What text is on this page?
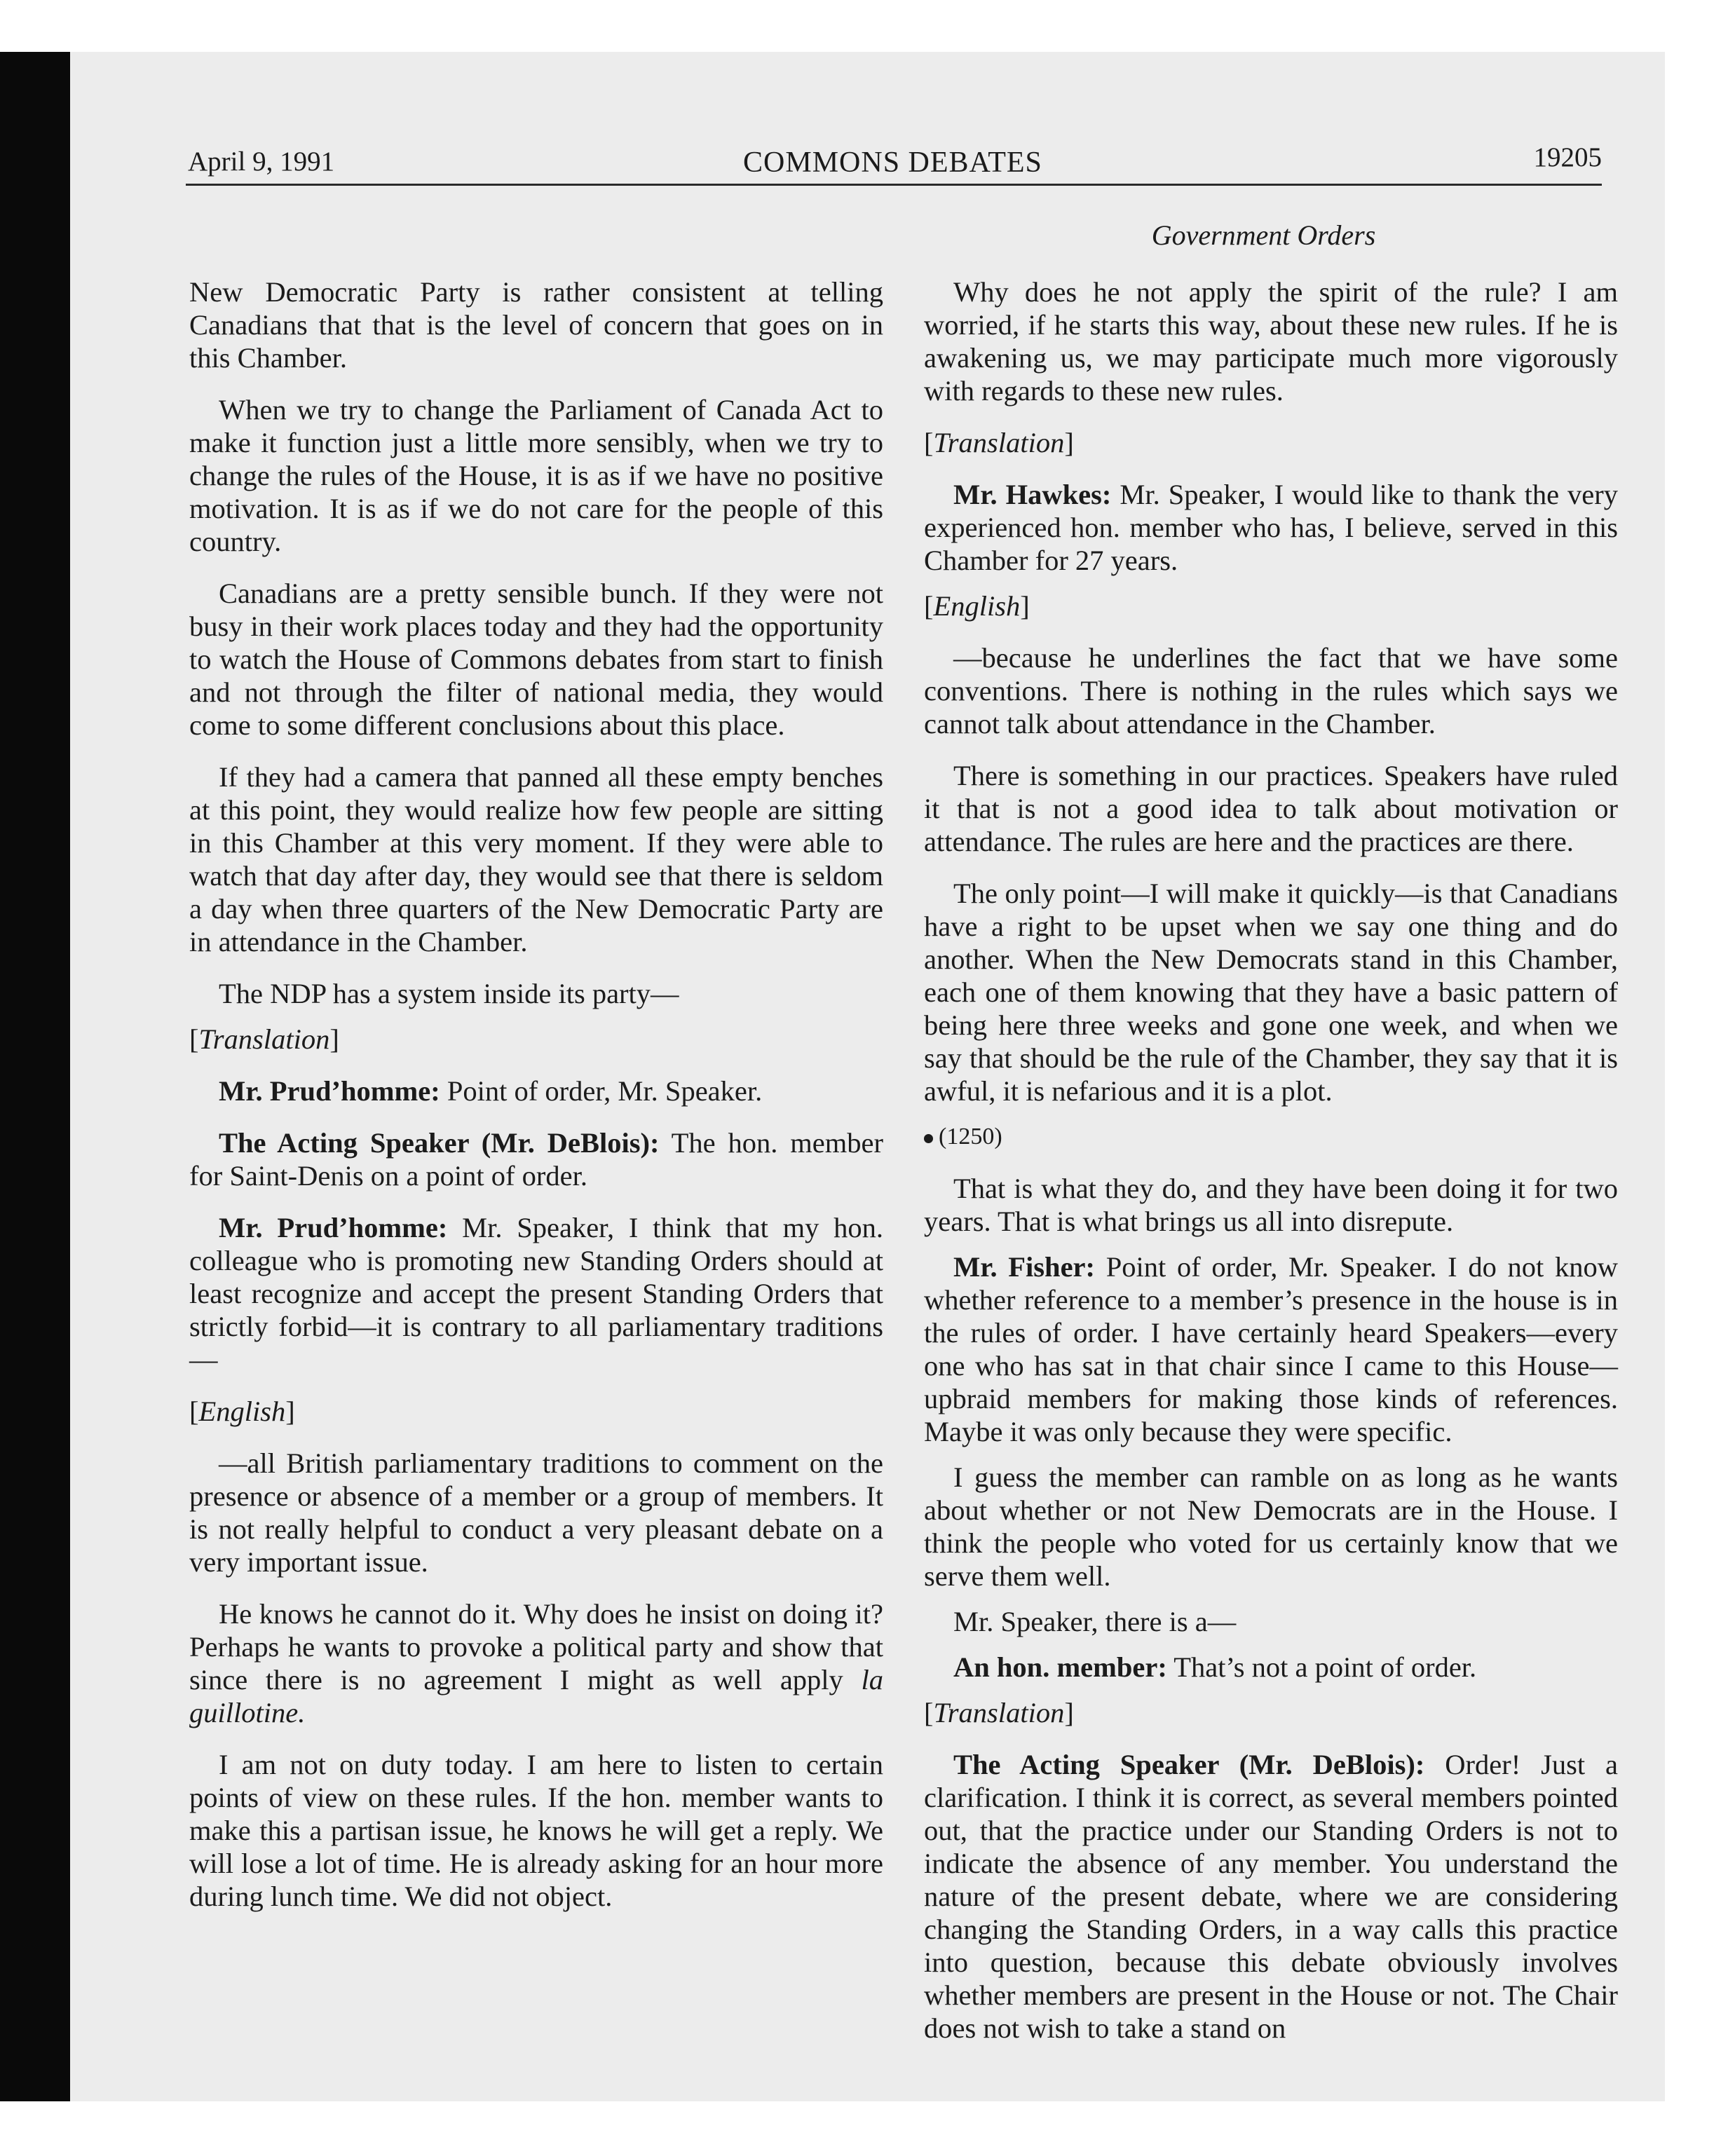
April 9, 1991	COMMONS DEBATES	19205
Government Orders

New Democratic Party is rather consistent at telling Canadians that that is the level of concern that goes on in this Chamber.

When we try to change the Parliament of Canada Act to make it function just a little more sensibly, when we try to change the rules of the House, it is as if we have no positive motivation. It is as if we do not care for the people of this country.

Canadians are a pretty sensible bunch. If they were not busy in their work places today and they had the opportunity to watch the House of Commons debates from start to finish and not through the filter of national media, they would come to some different conclusions about this place.

If they had a camera that panned all these empty benches at this point, they would realize how few people are sitting in this Chamber at this very moment. If they were able to watch that day after day, they would see that there is seldom a day when three quarters of the New Democratic Party are in attendance in the Chamber.

The NDP has a system inside its party—

[Translation]

Mr. Prud’homme: Point of order, Mr. Speaker.

The Acting Speaker (Mr. DeBlois): The hon. member for Saint-Denis on a point of order.

Mr. Prud’homme: Mr. Speaker, I think that my hon. colleague who is promoting new Standing Orders should at least recognize and accept the present Standing Orders that strictly forbid—it is contrary to all parliamentary traditions—

[English]

—all British parliamentary traditions to comment on the presence or absence of a member or a group of members. It is not really helpful to conduct a very pleasant debate on a very important issue.

He knows he cannot do it. Why does he insist on doing it? Perhaps he wants to provoke a political party and show that since there is no agreement I might as well apply la guillotine.

I am not on duty today. I am here to listen to certain points of view on these rules. If the hon. member wants to make this a partisan issue, he knows he will get a reply. We will lose a lot of time. He is already asking for an hour more during lunch time. We did not object.

Why does he not apply the spirit of the rule? I am worried, if he starts this way, about these new rules. If he is awakening us, we may participate much more vigorously with regards to these new rules.

[Translation]

Mr. Hawkes: Mr. Speaker, I would like to thank the very experienced hon. member who has, I believe, served in this Chamber for 27 years.

[English]

—because he underlines the fact that we have some conventions. There is nothing in the rules which says we cannot talk about attendance in the Chamber.

There is something in our practices. Speakers have ruled it that is not a good idea to talk about motivation or attendance. The rules are here and the practices are there.

The only point—I will make it quickly—is that Canadians have a right to be upset when we say one thing and do another. When the New Democrats stand in this Chamber, each one of them knowing that they have a basic pattern of being here three weeks and gone one week, and when we say that should be the rule of the Chamber, they say that it is awful, it is nefarious and it is a plot.

(1250)

That is what they do, and they have been doing it for two years. That is what brings us all into disrepute.

Mr. Fisher: Point of order, Mr. Speaker. I do not know whether reference to a member’s presence in the house is in the rules of order. I have certainly heard Speakers—every one who has sat in that chair since I came to this House—upbraid members for making those kinds of references. Maybe it was only because they were specific.

I guess the member can ramble on as long as he wants about whether or not New Democrats are in the House. I think the people who voted for us certainly know that we serve them well.

Mr. Speaker, there is a—

An hon. member: That’s not a point of order.

[Translation]

The Acting Speaker (Mr. DeBlois): Order! Just a clarification. I think it is correct, as several members pointed out, that the practice under our Standing Orders is not to indicate the absence of any member. You understand the nature of the present debate, where we are considering changing the Standing Orders, in a way calls this practice into question, because this debate obviously involves whether members are present in the House or not. The Chair does not wish to take a stand on
